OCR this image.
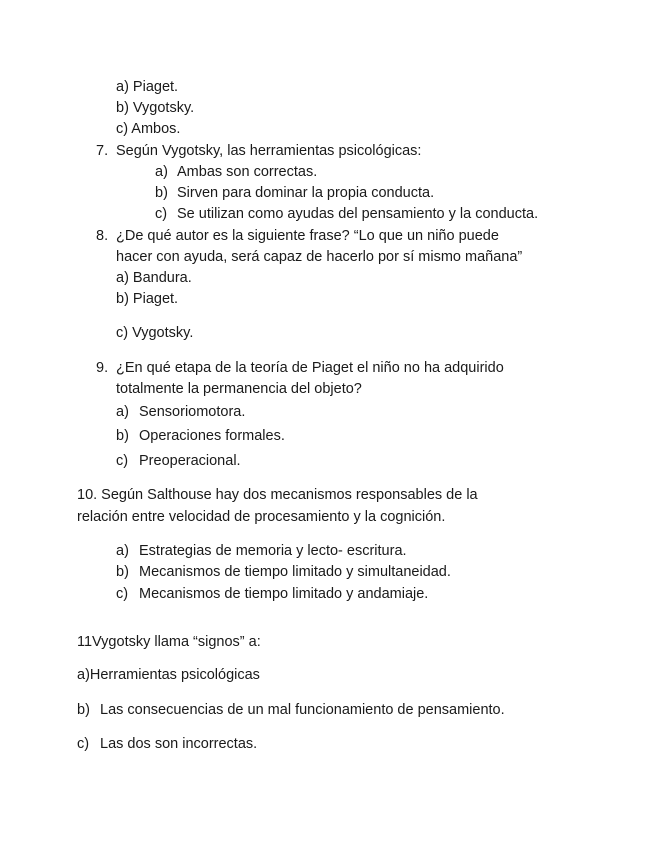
a) Piaget.
b) Vygotsky.
c) Ambos.
7. Según Vygotsky, las herramientas psicológicas:
a) Ambas son correctas.
b) Sirven para dominar la propia conducta.
c) Se utilizan como ayudas del pensamiento y la conducta.
8. ¿De qué autor es la siguiente frase? “Lo que un niño puede
hacer con ayuda, será capaz de hacerlo por sí mismo mañana”
a) Bandura.
b) Piaget.
c) Vygotsky.
9. ¿En qué etapa de la teoría de Piaget el niño no ha adquirido
totalmente la permanencia del objeto?
a) Sensoriomotora.
b) Operaciones formales.
c) Preoperacional.
10. Según Salthouse hay dos mecanismos responsables de la
relación entre velocidad de procesamiento y la cognición.
a) Estrategias de memoria y lecto- escritura.
b) Mecanismos de tiempo limitado y simultaneidad.
c) Mecanismos de tiempo limitado y andamiaje.
11Vygotsky llama “signos” a:
a)Herramientas psicológicas
b) Las consecuencias de un mal funcionamiento de pensamiento.
c) Las dos son incorrectas.
